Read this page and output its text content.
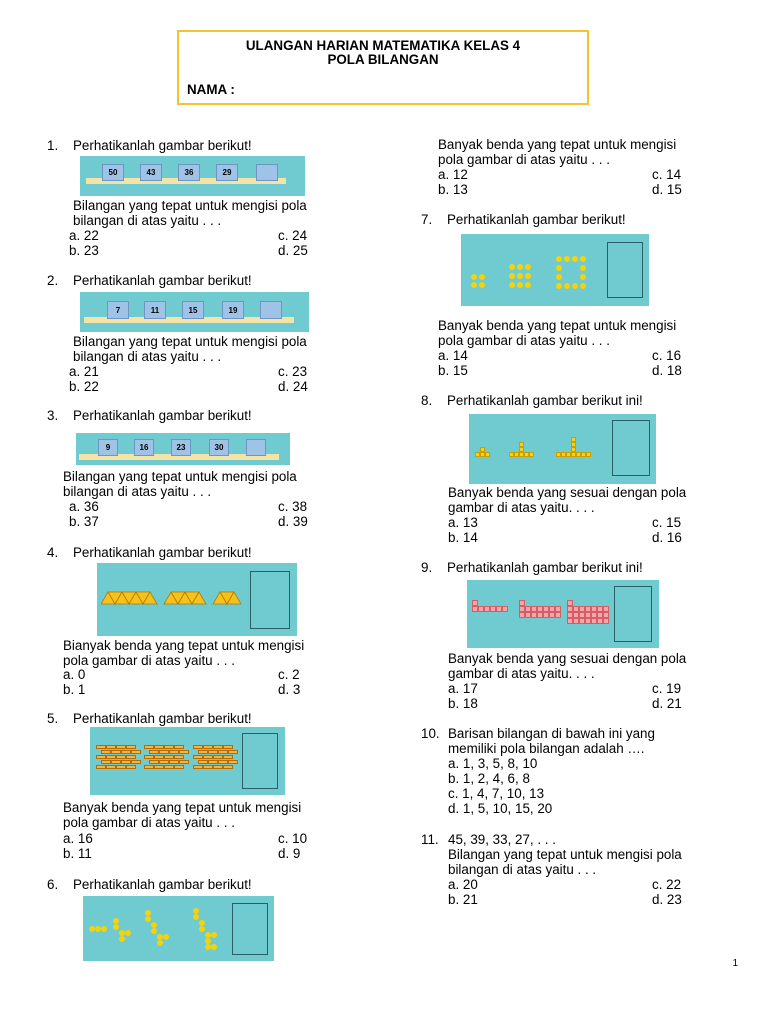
ULANGAN HARIAN MATEMATIKA KELAS 4
POLA BILANGAN
NAMA :
1. Perhatikanlah gambar berikut!
50	43	36	29
Bilangan yang tepat untuk mengisi pola
bilangan di atas yaitu . . .
a. 22	c. 24
b. 23	d. 25
2. Perhatikanlah gambar berikut!
7	11	15	19
Bilangan yang tepat untuk mengisi pola
bilangan di atas yaitu . . .
a. 21	c. 23
b. 22	d. 24
3. Perhatikanlah gambar berikut!
9	16	23	30
Bilangan yang tepat untuk mengisi pola
bilangan di atas yaitu . . .
a. 36	c. 38
b. 37	d. 39
4. Perhatikanlah gambar berikut!
Bianyak benda yang tepat untuk mengisi
pola gambar di atas yaitu . . .
a. 0	c. 2
b. 1	d. 3
5. Perhatikanlah gambar berikut!
Banyak benda yang tepat untuk mengisi
pola gambar di atas yaitu . . .
a. 16	c. 10
b. 11	d. 9
6. Perhatikanlah gambar berikut!
Banyak benda yang tepat untuk mengisi
pola gambar di atas yaitu . . .
a. 12	c. 14
b. 13	d. 15
7. Perhatikanlah gambar berikut!
Banyak benda yang tepat untuk mengisi
pola gambar di atas yaitu . . .
a. 14	c. 16
b. 15	d. 18
8. Perhatikanlah gambar berikut ini!
Banyak benda yang sesuai dengan pola
gambar di atas yaitu. . . .
a. 13	c. 15
b. 14	d. 16
9. Perhatikanlah gambar berikut ini!
Banyak benda yang sesuai dengan pola
gambar di atas yaitu. . . .
a. 17	c. 19
b. 18	d. 21
10. Barisan bilangan di bawah ini yang
memiliki pola bilangan adalah ….
a. 1, 3, 5, 8, 10
b. 1, 2, 4, 6, 8
c. 1, 4, 7, 10, 13
d. 1, 5, 10, 15, 20
11. 45, 39, 33, 27, . . .
Bilangan yang tepat untuk mengisi pola
bilangan di atas yaitu . . .
a. 20	c. 22
b. 21	d. 23
1
